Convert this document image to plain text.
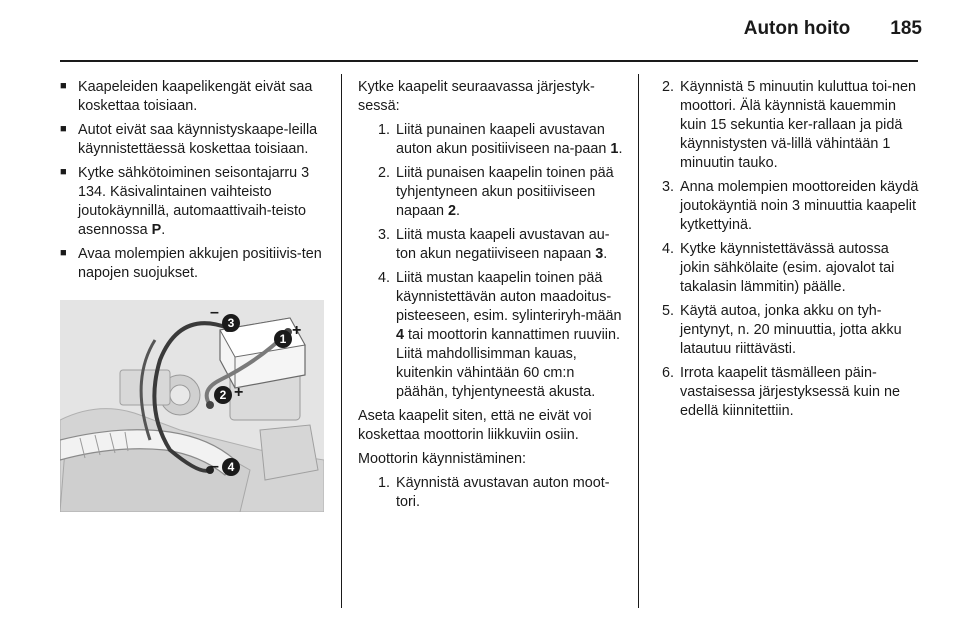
Auton hoito 185
■ Kaapeleiden kaapelikengät eivät saa koskettaa toisiaan.
■ Autot eivät saa käynnistyskaape-leilla käynnistettäessä koskettaa toisiaan.
■ Kytke sähkötoiminen seisontajarru 3 134. Käsivalintainen vaihteisto joutokäynnillä, automaattivaih-teisto asennossa P.
■ Avaa molempien akkujen positiivis-ten napojen suojukset.
–
3
1 +
2 +
– 4
Kytke kaapelit seuraavassa järjestyk-sessä:
1. Liitä punainen kaapeli avustavan auton akun positiiviseen na-paan 1.
2. Liitä punaisen kaapelin toinen pää tyhjentyneen akun positiiviseen napaan 2.
3. Liitä musta kaapeli avustavan au-ton akun negatiiviseen napaan 3.
4. Liitä mustan kaapelin toinen pää käynnistettävän auton maadoitus-pisteeseen, esim. sylinteriryh-mään 4 tai moottorin kannattimen ruuviin. Liitä mahdollisimman kauas, kuitenkin vähintään 60 cm:n päähän, tyhjentyneestä akusta.
Aseta kaapelit siten, että ne eivät voi koskettaa moottorin liikkuviin osiin.
Moottorin käynnistäminen:
1. Käynnistä avustavan auton moot-tori.
2. Käynnistä 5 minuutin kuluttua toi-nen moottori. Älä käynnistä kauemmin kuin 15 sekuntia ker-rallaan ja pidä käynnistysten vä-lillä vähintään 1 minuutin tauko.
3. Anna molempien moottoreiden käydä joutokäyntiä noin 3 minuuttia kaapelit kytkettyinä.
4. Kytke käynnistettävässä autossa jokin sähkölaite (esim. ajovalot tai takalasin lämmitin) päälle.
5. Käytä autoa, jonka akku on tyh-jentynyt, n. 20 minuuttia, jotta akku latautuu riittävästi.
6. Irrota kaapelit täsmälleen päin-vastaisessa järjestyksessä kuin ne edellä kiinnitettiin.
